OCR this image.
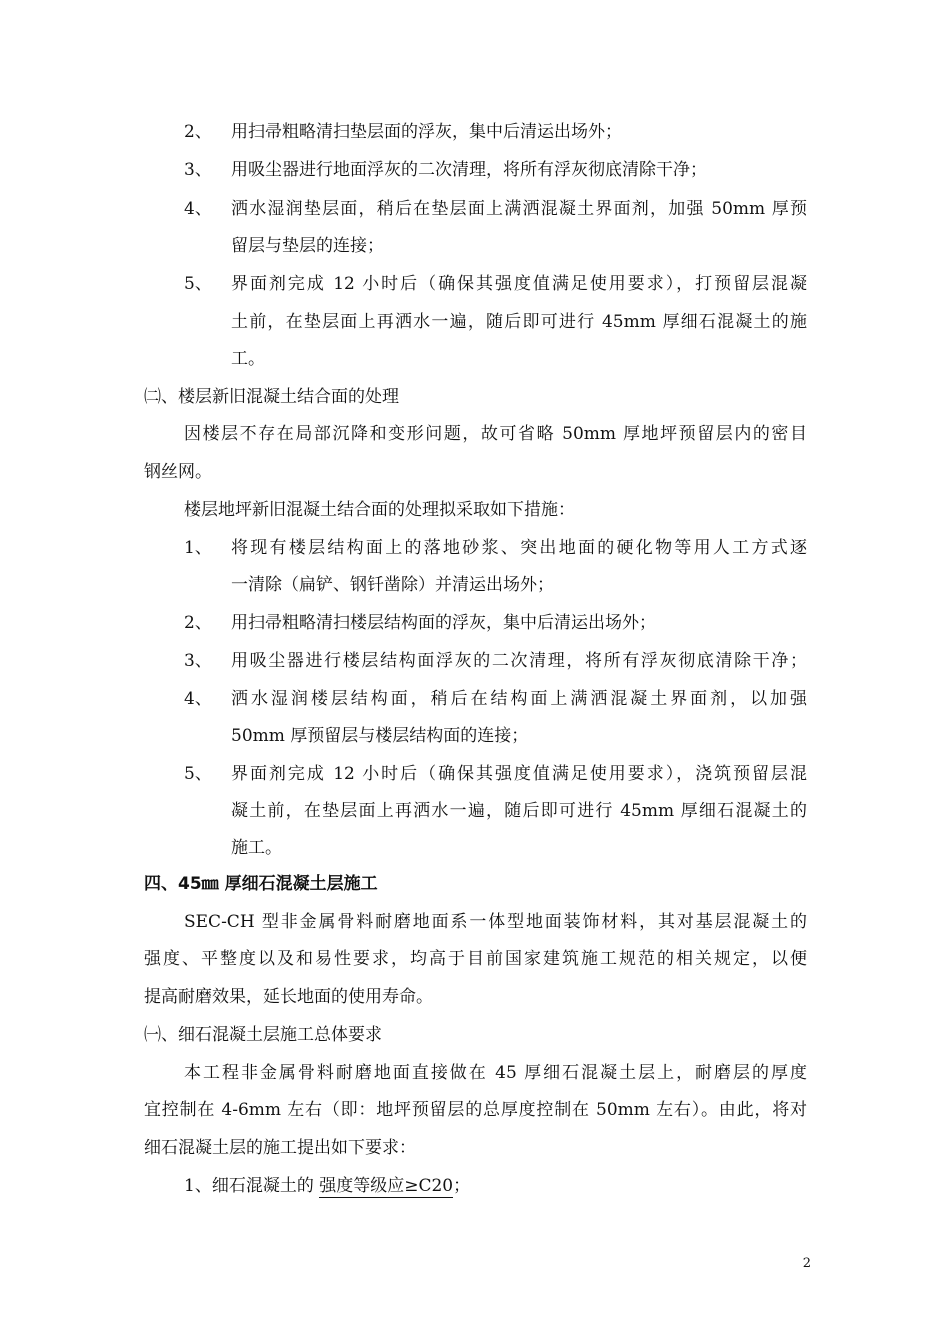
2、 用扫帚粗略清扫垫层面的浮灰，集中后清运出场外；
3、 用吸尘器进行地面浮灰的二次清理，将所有浮灰彻底清除干净；
4、 洒水湿润垫层面，稍后在垫层面上满洒混凝土界面剂，加强 50mm 厚预
留层与垫层的连接；
5、 界面剂完成 12 小时后（确保其强度值满足使用要求），打预留层混凝
土前，在垫层面上再洒水一遍，随后即可进行 45mm 厚细石混凝土的施
工。
㈡、楼层新旧混凝土结合面的处理
因楼层不存在局部沉降和变形问题，故可省略 50mm 厚地坪预留层内的密目
钢丝网。
楼层地坪新旧混凝土结合面的处理拟采取如下措施：
1、 将现有楼层结构面上的落地砂浆、突出地面的硬化物等用人工方式逐
一清除（扁铲、钢钎凿除）并清运出场外；
2、 用扫帚粗略清扫楼层结构面的浮灰，集中后清运出场外；
3、 用吸尘器进行楼层结构面浮灰的二次清理，将所有浮灰彻底清除干净；
4、 洒水湿润楼层结构面，稍后在结构面上满洒混凝土界面剂，以加强
50mm 厚预留层与楼层结构面的连接；
5、 界面剂完成 12 小时后（确保其强度值满足使用要求），浇筑预留层混
凝土前，在垫层面上再洒水一遍，随后即可进行 45mm 厚细石混凝土的
施工。
四、45㎜ 厚细石混凝土层施工
SEC-CH 型非金属骨料耐磨地面系一体型地面装饰材料，其对基层混凝土的
强度、平整度以及和易性要求，均高于目前国家建筑施工规范的相关规定，以便
提高耐磨效果，延长地面的使用寿命。
㈠、细石混凝土层施工总体要求
本工程非金属骨料耐磨地面直接做在 45 厚细石混凝土层上，耐磨层的厚度
宜控制在 4-6mm 左右（即：地坪预留层的总厚度控制在 50mm 左右）。由此，将对
细石混凝土层的施工提出如下要求：
1、细石混凝土的 强度等级应≥C20；
2
